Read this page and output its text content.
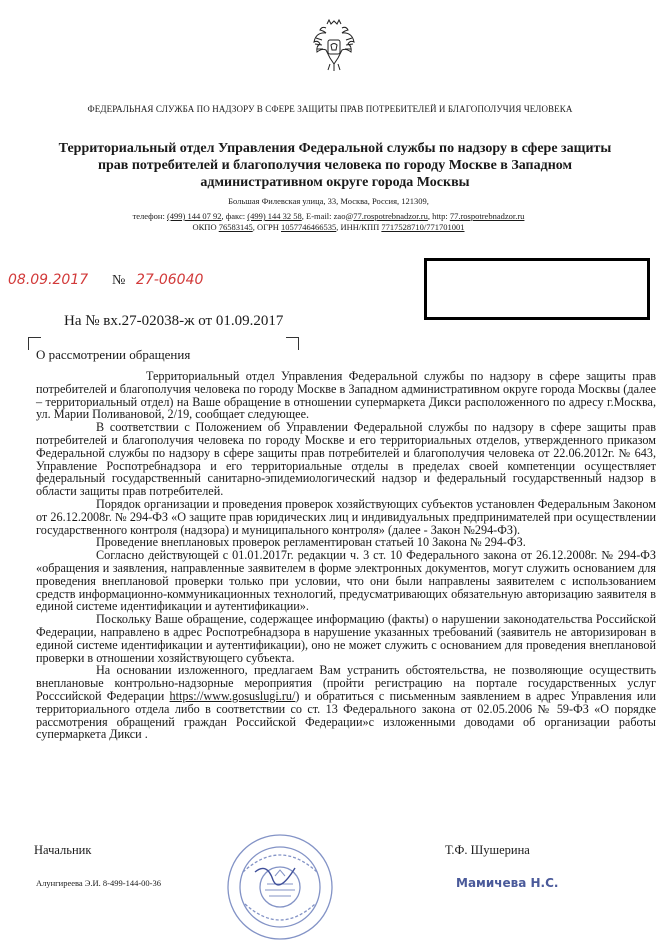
ФЕДЕРАЛЬНАЯ СЛУЖБА ПО НАДЗОРУ В СФЕРЕ ЗАЩИТЫ ПРАВ ПОТРЕБИТЕЛЕЙ И БЛАГОПОЛУЧИЯ ЧЕЛОВЕКА
Территориальный отдел Управления Федеральной службы по надзору в сфере защиты прав потребителей и благополучия человека по городу Москве в Западном административном округе города Москвы
Большая Филевская улица, 33, Москва, Россия, 121309,
телефон: (499) 144 07 92, факс: (499) 144 32 58, E-mail: zao@77.rospotrebnadzor.ru, http: 77.rospotrebnadzor.ru
ОКПО 76583145, ОГРН 1057746466535, ИНН/КПП 7717528710/771701001
08.09.2017 № 27-06040
На № вх.27-02038-ж от 01.09.2017
О рассмотрении обращения

Территориальный отдел Управления Федеральной службы по надзору в сфере защиты прав потребителей и благополучия человека по городу Москве в Западном административном округе города Москвы (далее – территориальный отдел) на Ваше обращение в отношении супермаркета Дикси расположенного по адресу г.Москва, ул. Марии Поливановой, 2/19, сообщает следующее.

В соответствии с Положением об Управлении Федеральной службы по надзору в сфере защиты прав потребителей и благополучия человека по городу Москве и его территориальных отделов, утвержденного приказом Федеральной службы по надзору в сфере защиты прав потребителей и благополучия человека от 22.06.2012г. № 643, Управление Роспотребнадзора и его территориальные отделы в пределах своей компетенции осуществляет федеральный государственный санитарно-эпидемиологический надзор и федеральный государственный надзор в области защиты прав потребителей.

Порядок организации и проведения проверок хозяйствующих субъектов установлен Федеральным Законом от 26.12.2008г. № 294-ФЗ «О защите прав юридических лиц и индивидуальных предпринимателей при осуществлении государственного контроля (надзора) и муниципального контроля» (далее - Закон №294-ФЗ).

Проведение внеплановых проверок регламентирован статьей 10 Закона № 294-ФЗ.

Согласно действующей с 01.01.2017г. редакции ч. 3 ст. 10 Федерального закона от 26.12.2008г. № 294-ФЗ «обращения и заявления, направленные заявителем в форме электронных документов, могут служить основанием для проведения внеплановой проверки только при условии, что они были направлены заявителем с использованием средств информационно-коммуникационных технологий, предусматривающих обязательную авторизацию заявителя в единой системе идентификации и аутентификации».

Поскольку Ваше обращение, содержащее информацию (факты) о нарушении законодательства Российской Федерации, направлено в адрес Роспотребнадзора в нарушение указанных требований (заявитель не авторизирован в единой системе идентификации и аутентификации), оно не может служить с основанием для проведения внеплановой проверки в отношении хозяйствующего субъекта.

На основании изложенного, предлагаем Вам устранить обстоятельства, не позволяющие осуществить внеплановые контрольно-надзорные мероприятия (пройти регистрацию на портале государственных услуг Россcийской Федерации https://www.gosuslugi.ru/) и обратиться с письменным заявлением в адрес Управления или территориального отдела либо в соответствии со ст. 13 Федерального закона от 02.05.2006 № 59-ФЗ «О порядке рассмотрения обращений граждан Российской Федерации»с изложенными доводами об организации работы супермаркета Дикси .

Начальник	Т.Ф. Шушерина
Мамичева Н.С.
Алунгиреева Э.И. 8-499-144-00-36
